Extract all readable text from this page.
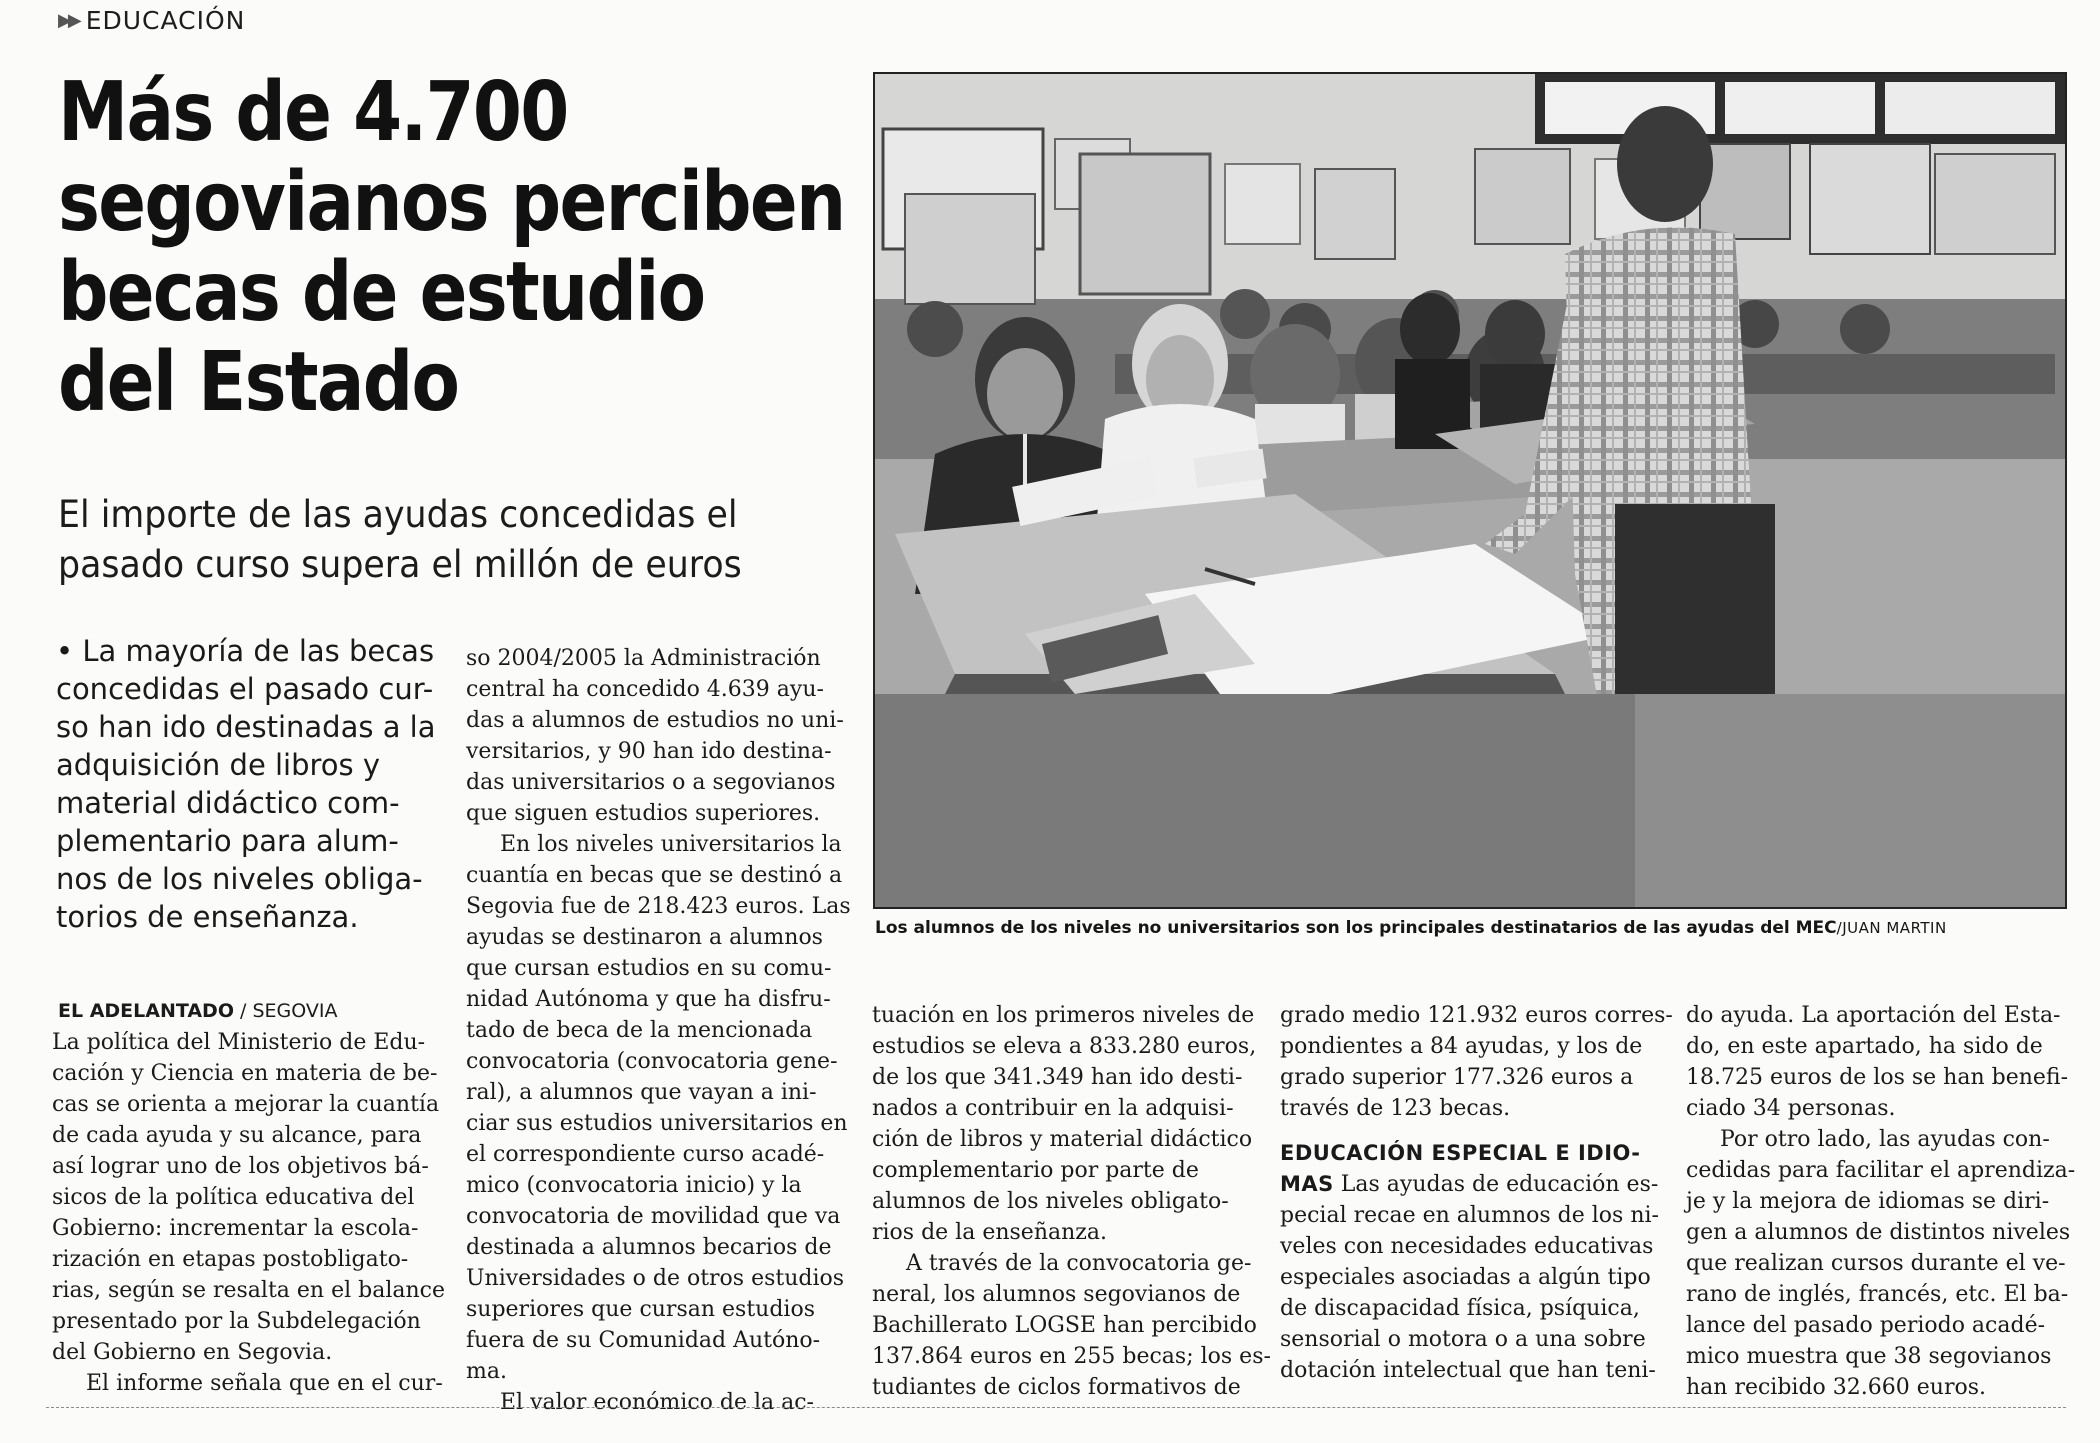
▶▶ EDUCACIÓN
Más de 4.700
segovianos perciben
becas de estudio
del Estado
El importe de las ayudas concedidas el
pasado curso supera el millón de euros
• La mayoría de las becas
concedidas el pasado cur-
so han ido destinadas a la
adquisición de libros y
material didáctico com-
plementario para alum-
nos de los niveles obliga-
torios de enseñanza.
EL ADELANTADO / SEGOVIA
La política del Ministerio de Edu-
cación y Ciencia en materia de be-
cas se orienta a mejorar la cuantía
de cada ayuda y su alcance, para
así lograr uno de los objetivos bá-
sicos de la política educativa del
Gobierno: incrementar la escola-
rización en etapas postobligato-
rias, según se resalta en el balance
presentado por la Subdelegación
del Gobierno en Segovia.
El informe señala que en el cur-
so 2004/2005 la Administración
central ha concedido 4.639 ayu-
das a alumnos de estudios no uni-
versitarios, y 90 han ido destina-
das universitarios o a segovianos
que siguen estudios superiores.
En los niveles universitarios la
cuantía en becas que se destinó a
Segovia fue de 218.423 euros. Las
ayudas se destinaron a alumnos
que cursan estudios en su comu-
nidad Autónoma y que ha disfru-
tado de beca de la mencionada
convocatoria (convocatoria gene-
ral), a alumnos que vayan a ini-
ciar sus estudios universitarios en
el correspondiente curso acadé-
mico (convocatoria inicio) y la
convocatoria de movilidad que va
destinada a alumnos becarios de
Universidades o de otros estudios
superiores que cursan estudios
fuera de su Comunidad Autóno-
ma.
El valor económico de la ac-
tuación en los primeros niveles de
estudios se eleva a 833.280 euros,
de los que 341.349 han ido desti-
nados a contribuir en la adquisi-
ción de libros y material didáctico
complementario por parte de
alumnos de los niveles obligato-
rios de la enseñanza.
A través de la convocatoria ge-
neral, los alumnos segovianos de
Bachillerato LOGSE han percibido
137.864 euros en 255 becas; los es-
tudiantes de ciclos formativos de
grado medio 121.932 euros corres-
pondientes a 84 ayudas, y los de
grado superior 177.326 euros a
través de 123 becas.
EDUCACIÓN ESPECIAL E IDIO-
MAS Las ayudas de educación es-
pecial recae en alumnos de los ni-
veles con necesidades educativas
especiales asociadas a algún tipo
de discapacidad física, psíquica,
sensorial o motora o a una sobre
dotación intelectual que han teni-
do ayuda. La aportación del Esta-
do, en este apartado, ha sido de
18.725 euros de los se han benefi-
ciado 34 personas.
Por otro lado, las ayudas con-
cedidas para facilitar el aprendiza-
je y la mejora de idiomas se diri-
gen a alumnos de distintos niveles
que realizan cursos durante el ve-
rano de inglés, francés, etc. El ba-
lance del pasado periodo acadé-
mico muestra que 38 segovianos
han recibido 32.660 euros.
Los alumnos de los niveles no universitarios son los principales destinatarios de las ayudas del MEC/JUAN MARTIN
